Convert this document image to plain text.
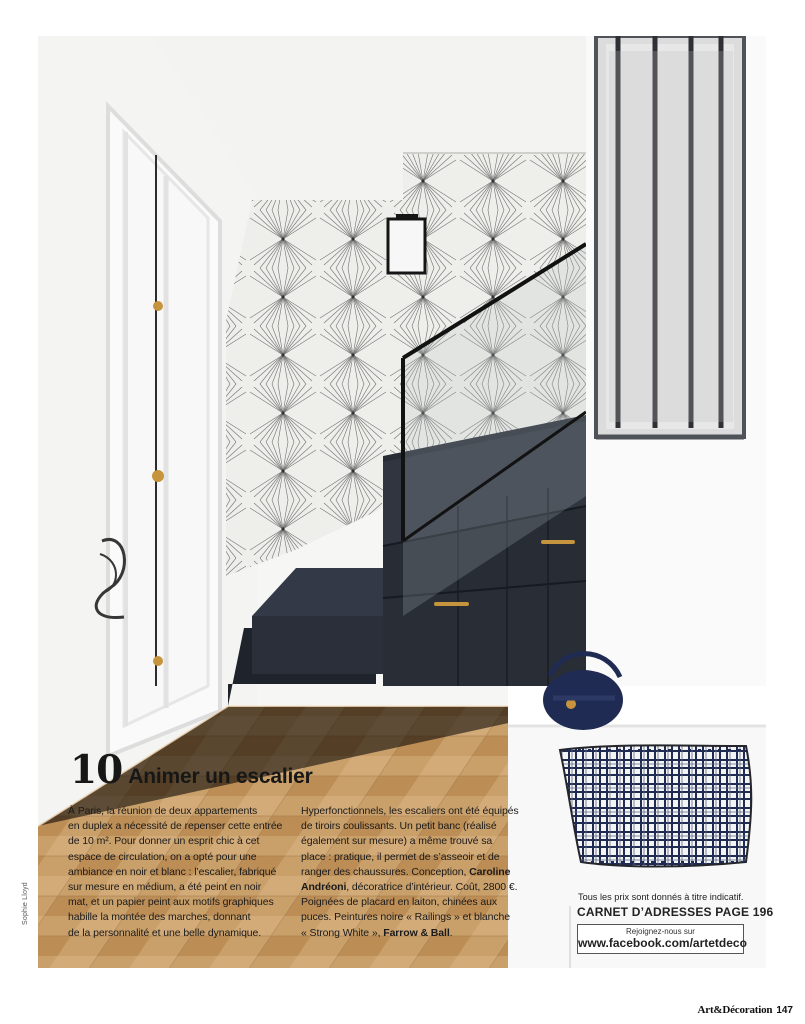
Sophie Lloyd
10 Animer un escalier
À Paris, la réunion de deux appartements
en duplex a nécessité de repenser cette entrée
de 10 m². Pour donner un esprit chic à cet
espace de circulation, on a opté pour une
ambiance en noir et blanc : l’escalier, fabriqué
sur mesure en médium, a été peint en noir
mat, et un papier peint aux motifs graphiques
habille la montée des marches, donnant
de la personnalité et une belle dynamique.
Hyperfonctionnels, les escaliers ont été équipés
de tiroirs coulissants. Un petit banc (réalisé
également sur mesure) a même trouvé sa
place : pratique, il permet de s’asseoir et de
ranger des chaussures. Conception, Caroline
Andréoni, décoratrice d’intérieur. Coût, 2800 €.
Poignées de placard en laiton, chinées aux
puces. Peintures noire « Railings » et blanche
« Strong White », Farrow & Ball.
Tous les prix sont donnés à titre indicatif.
CARNET D’ADRESSES PAGE 196
Rejoignez-nous sur
www.facebook.com/artetdeco
Art&Décoration 147
